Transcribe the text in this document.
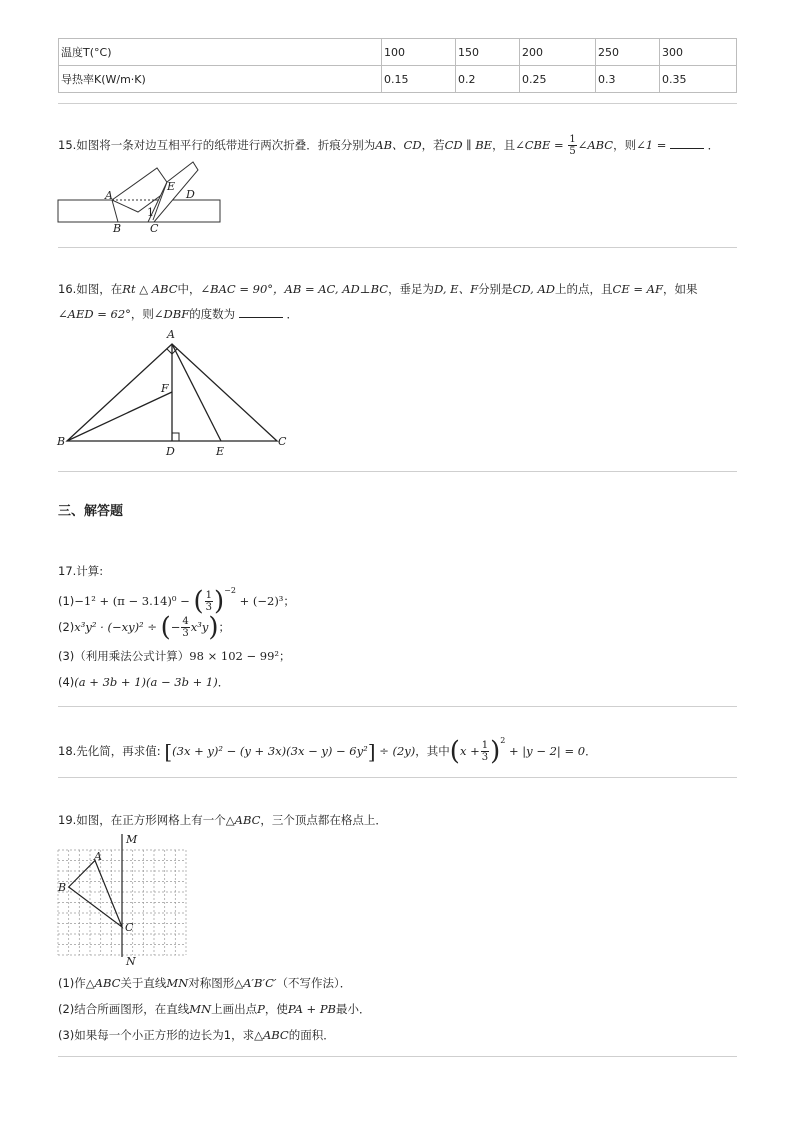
温度T(°C)	100	150	200	250	300
导热率K(W/m·K)	0.15	0.2	0.25	0.3	0.35
15.如图将一条对边互相平行的纸带进行两次折叠．折痕分别为AB、CD，若CD ∥ BE，且∠CBE = $\frac{1}{5}$ ∠ABC，则∠1 =	．
A
B	C
D
E
1
16.如图，在Rt △ ABC中，∠BAC = 90°，AB = AC, AD⊥BC，垂足为D, E、F分别是CD, AD上的点，且CE = AF，如果
∠AED = 62°，则∠DBF的度数为	．
A
B	C
D	E
F
三、解答题
17.计算:
(1)−1² + (π − 3.14)⁰ − ( $\frac{1}{3} )^{-2} + (-2)^3$；
(2)x³y² · (−xy)² ÷ (− $\frac{4}{3} x^3y$)；
(3)（利用乘法公式计算）98 × 102 − 99²；
(4)(a + 3b + 1)(a − 3b + 1)．
18.先化简，再求值: [(3x + y)² − (y + 3x)(3x − y) − 6y²] ÷ (2y)，其中$(x + \frac{1}{3} )^2 + |y - 2| = 0$．
19.如图，在正方形网格上有一个△ABC，三个顶点都在格点上．
M
N
A
B
C
(1)作△ABC关于直线MN对称图形△A′B′C′（不写作法）．
(2)结合所画图形，在直线MN上画出点P，使PA + PB最小．
(3)如果每一个小正方形的边长为1，求△ABC的面积．
